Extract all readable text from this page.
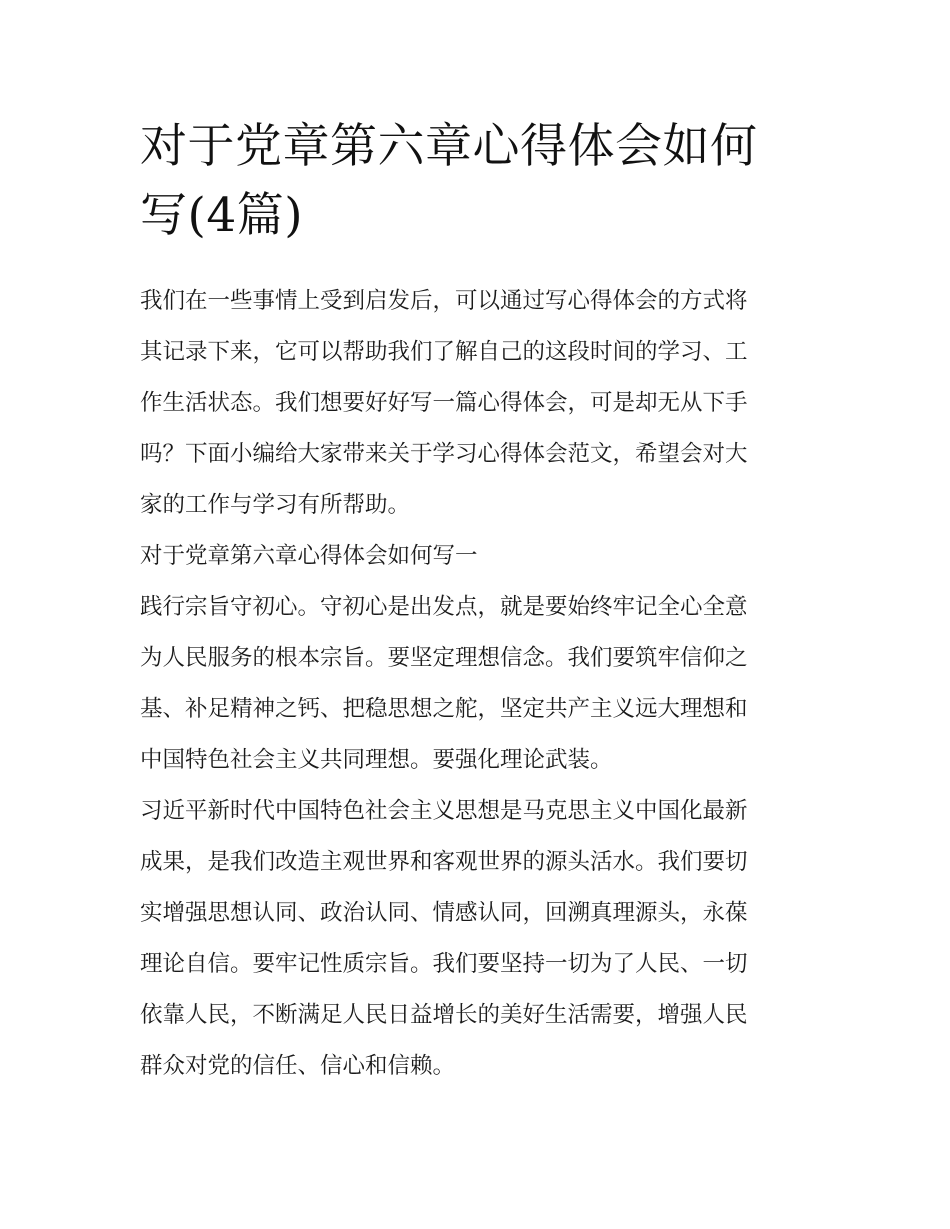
对于党章第六章心得体会如何
写(4篇)

我们在一些事情上受到启发后，可以通过写心得体会的方式将
其记录下来，它可以帮助我们了解自己的这段时间的学习、工
作生活状态。我们想要好好写一篇心得体会，可是却无从下手
吗？下面小编给大家带来关于学习心得体会范文，希望会对大
家的工作与学习有所帮助。

对于党章第六章心得体会如何写一

践行宗旨守初心。守初心是出发点，就是要始终牢记全心全意
为人民服务的根本宗旨。要坚定理想信念。我们要筑牢信仰之
基、补足精神之钙、把稳思想之舵，坚定共产主义远大理想和
中国特色社会主义共同理想。要强化理论武装。

习近平新时代中国特色社会主义思想是马克思主义中国化最新
成果，是我们改造主观世界和客观世界的源头活水。我们要切
实增强思想认同、政治认同、情感认同，回溯真理源头，永葆
理论自信。要牢记性质宗旨。我们要坚持一切为了人民、一切
依靠人民，不断满足人民日益增长的美好生活需要，增强人民
群众对党的信任、信心和信赖。
